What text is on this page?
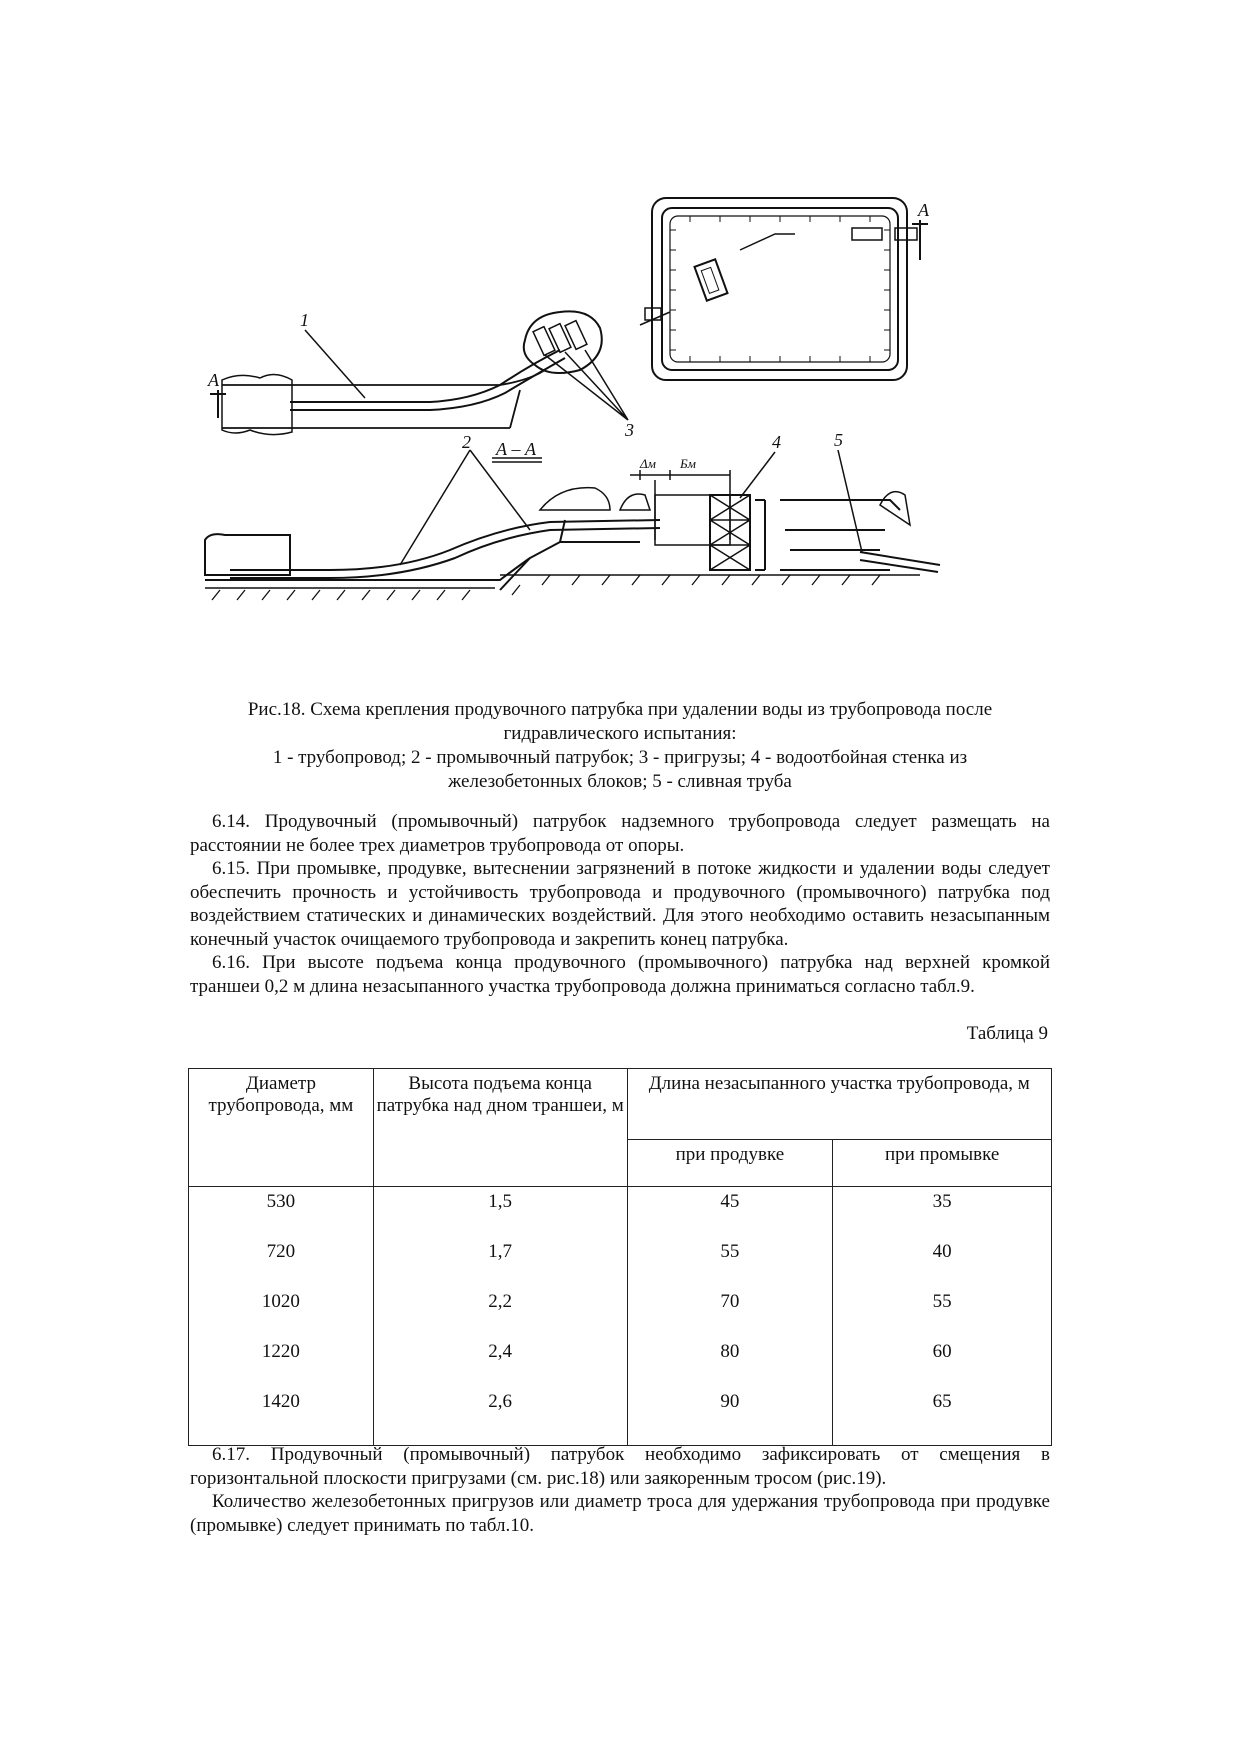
А
А
А – А
1
2
3
4	5
Δм Бм
Рис.18. Схема крепления продувочного патрубка при удалении воды из трубопровода после
гидравлического испытания:
1 - трубопровод; 2 - промывочный патрубок; 3 - пригрузы; 4 - водоотбойная стенка из
железобетонных блоков; 5 - сливная труба

6.14. Продувочный (промывочный) патрубок надземного трубопровода следует размещать на расстоянии не более трех диаметров трубопровода от опоры.

6.15. При промывке, продувке, вытеснении загрязнений в потоке жидкости и удалении воды следует обеспечить прочность и устойчивость трубопровода и продувочного (промывочного) патрубка под воздействием статических и динамических воздействий. Для этого необходимо оставить незасыпанным конечный участок очищаемого трубопровода и закрепить конец патрубка.

6.16. При высоте подъема конца продувочного (промывочного) патрубка над верхней кромкой траншеи 0,2 м длина незасыпанного участка трубопровода должна приниматься согласно табл.9.

Таблица 9
Диаметр трубопровода, мм	Высота подъема конца патрубка над дном траншеи, м	Длина незасыпанного участка трубопровода, м	
		при продувке	при промывке
530	1,5	45	35
720	1,7	55	40
1020	2,2	70	55
1220	2,4	80	60
1420	2,6	90	65

6.17. Продувочный (промывочный) патрубок необходимо зафиксировать от смещения в горизонтальной плоскости пригрузами (см. рис.18) или заякоренным тросом (рис.19).

Количество железобетонных пригрузов или диаметр троса для удержания трубопровода при продувке (промывке) следует принимать по табл.10.
